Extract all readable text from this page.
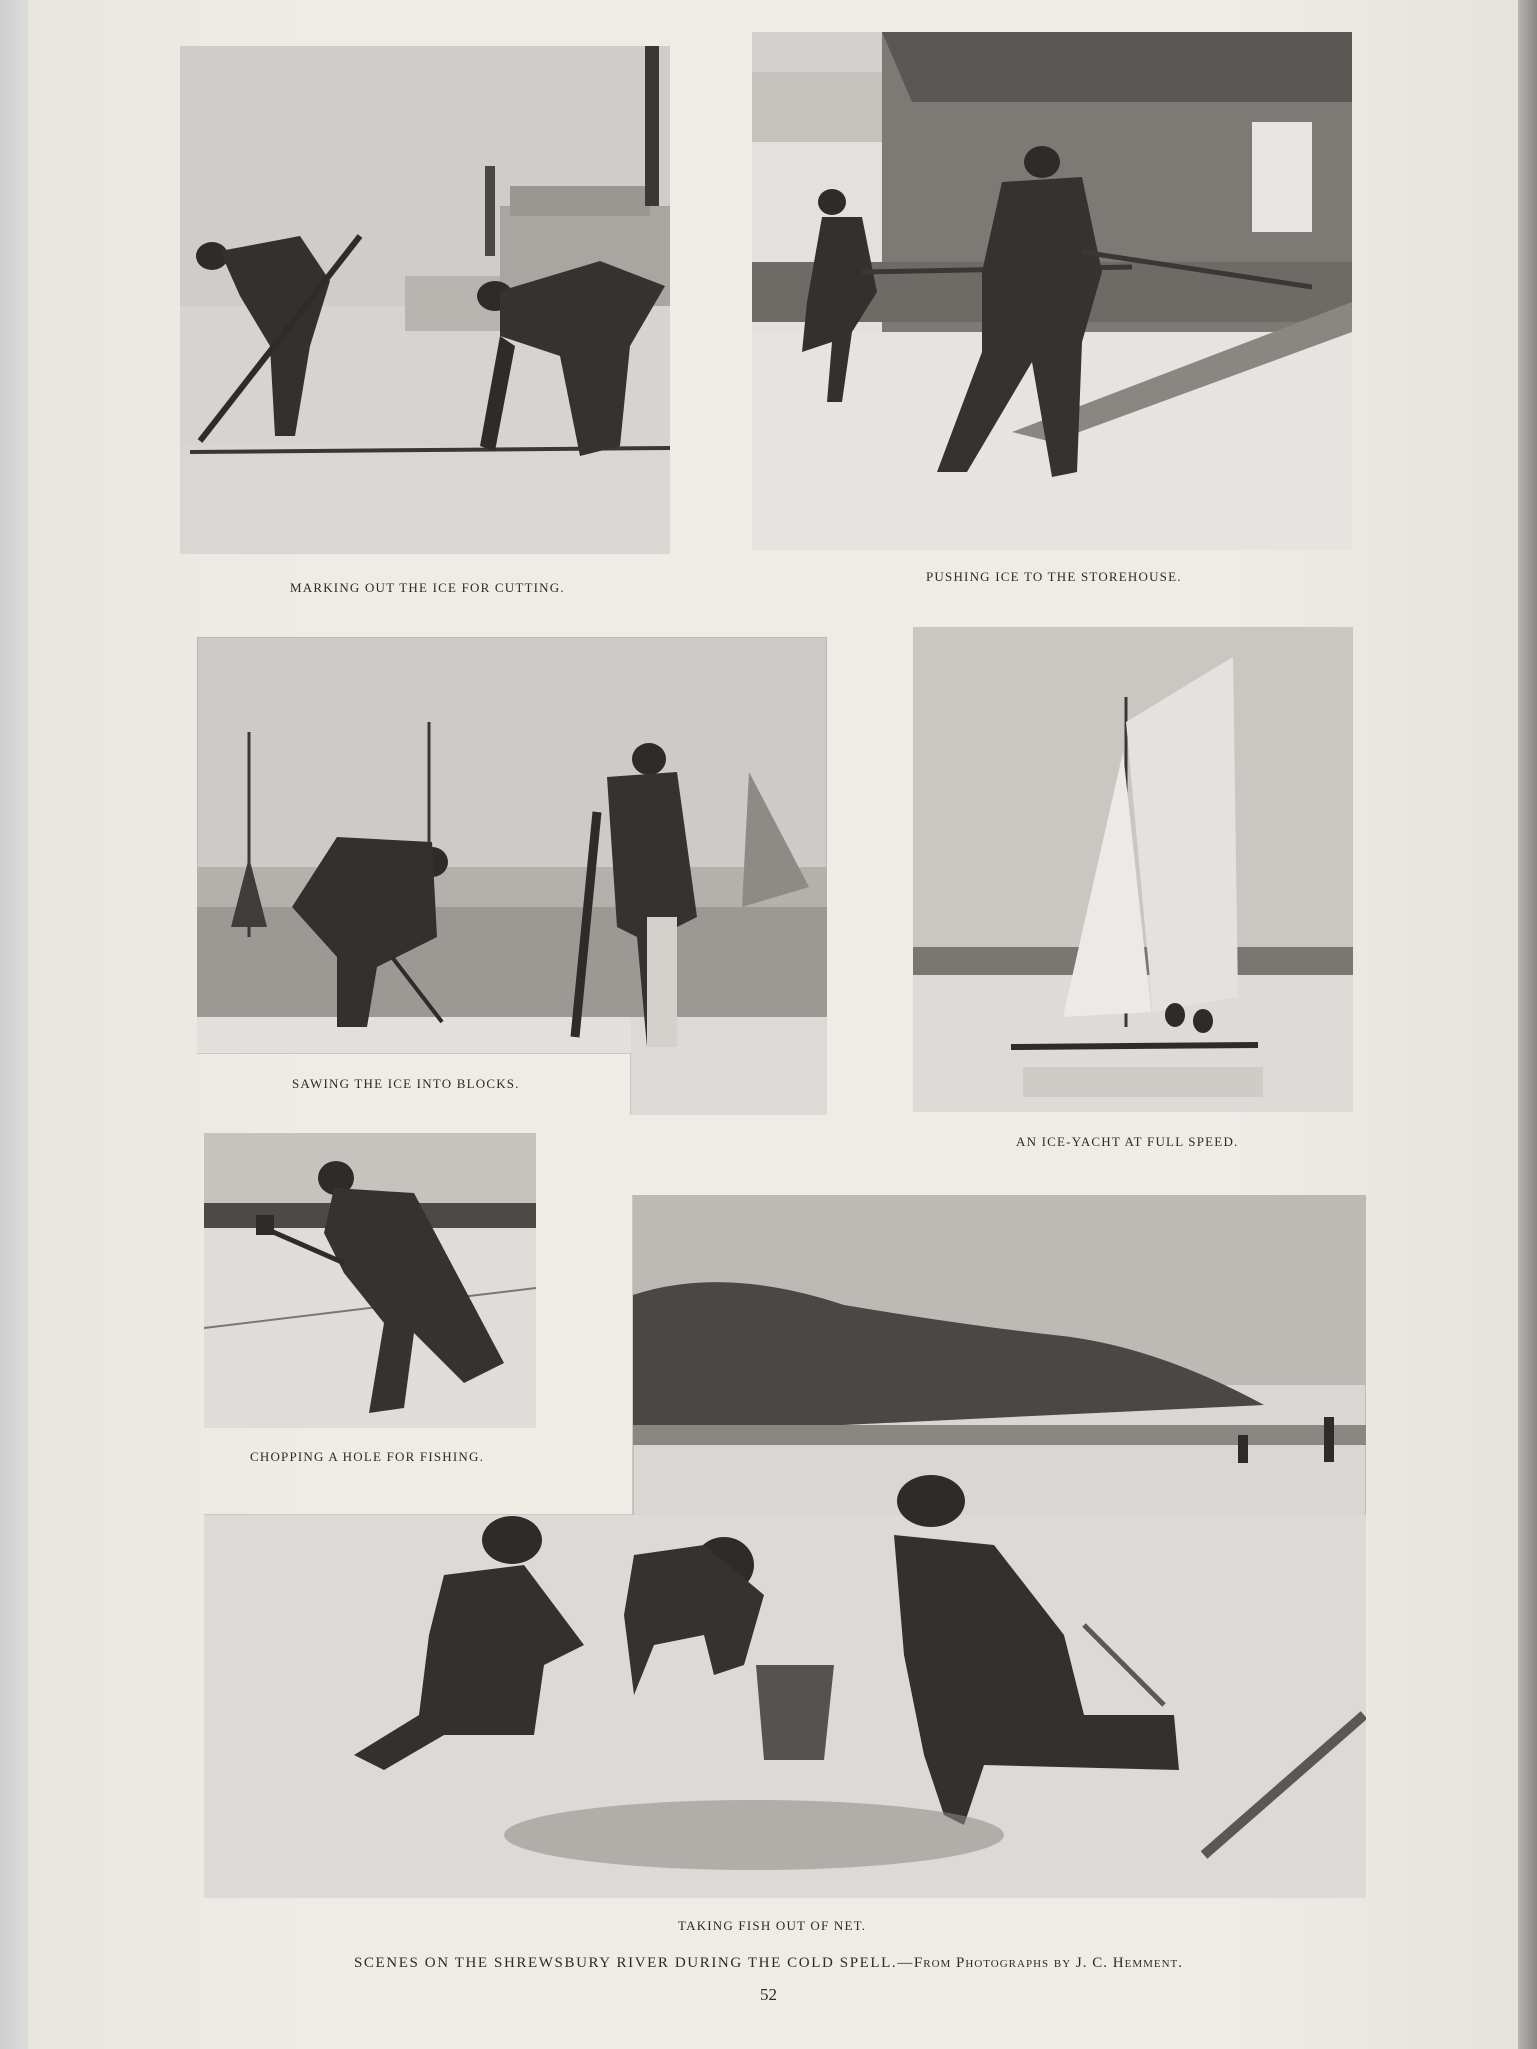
MARKING OUT THE ICE FOR CUTTING.
PUSHING ICE TO THE STOREHOUSE.
SAWING THE ICE INTO BLOCKS.
AN ICE-YACHT AT FULL SPEED.
CHOPPING A HOLE FOR FISHING.
TAKING FISH OUT OF NET.
SCENES ON THE SHREWSBURY RIVER DURING THE COLD SPELL.—From Photographs by J. C. Hemment.
52
